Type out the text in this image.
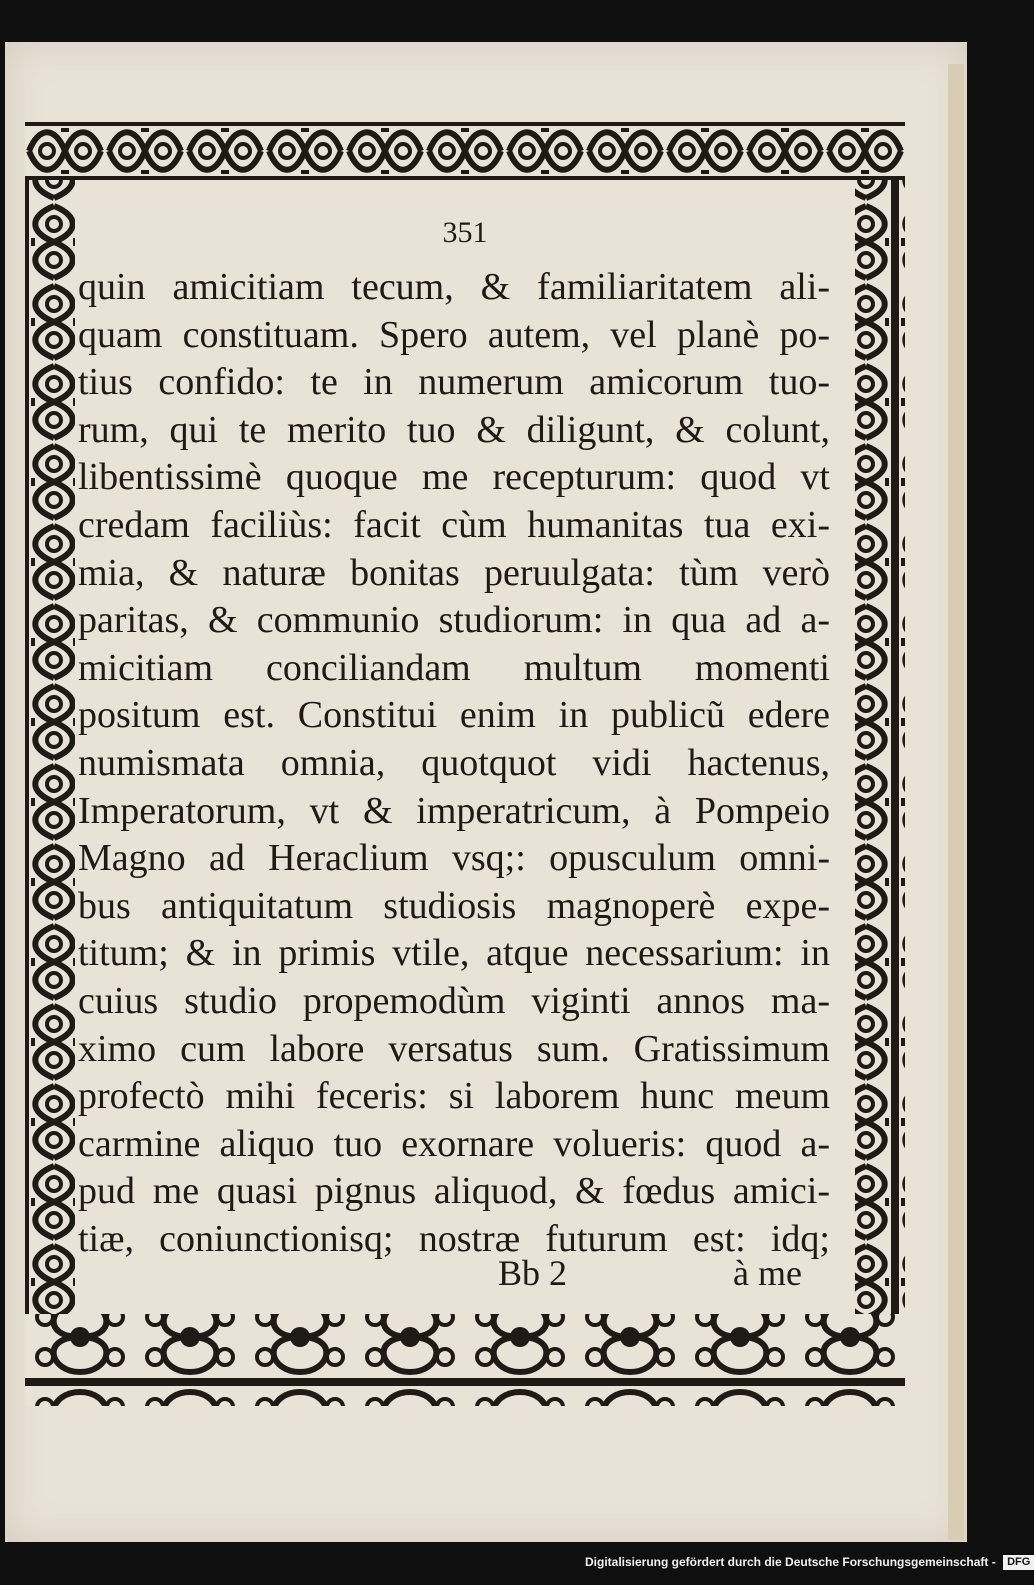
351
quin amicitiam tecum, & familiaritatem ali-
quam constituam. Spero autem, vel planè po-
tius confido: te in numerum amicorum tuo-
rum, qui te merito tuo & diligunt, & colunt,
libentissimè quoque me recepturum: quod vt
credam faciliùs: facit cùm humanitas tua exi-
mia, & naturæ bonitas peruulgata: tùm verò
paritas, & communio studiorum: in qua ad a-
micitiam conciliandam multum momenti
positum est. Constitui enim in publicũ edere
numismata omnia, quotquot vidi hactenus,
Imperatorum, vt & imperatricum, à Pompeio
Magno ad Heraclium vsq;: opusculum omni-
bus antiquitatum studiosis magnoperè expe-
titum; & in primis vtile, atque necessarium: in
cuius studio propemodùm viginti annos ma-
ximo cum labore versatus sum. Gratissimum
profectò mihi feceris: si laborem hunc meum
carmine aliquo tuo exornare volueris: quod a-
pud me quasi pignus aliquod, & fœdus amici-
tiæ, coniunctionisq; nostræ futurum est: idq;
Bb 2	à me
Digitalisierung gefördert durch die Deutsche Forschungsgemeinschaft - DFG
